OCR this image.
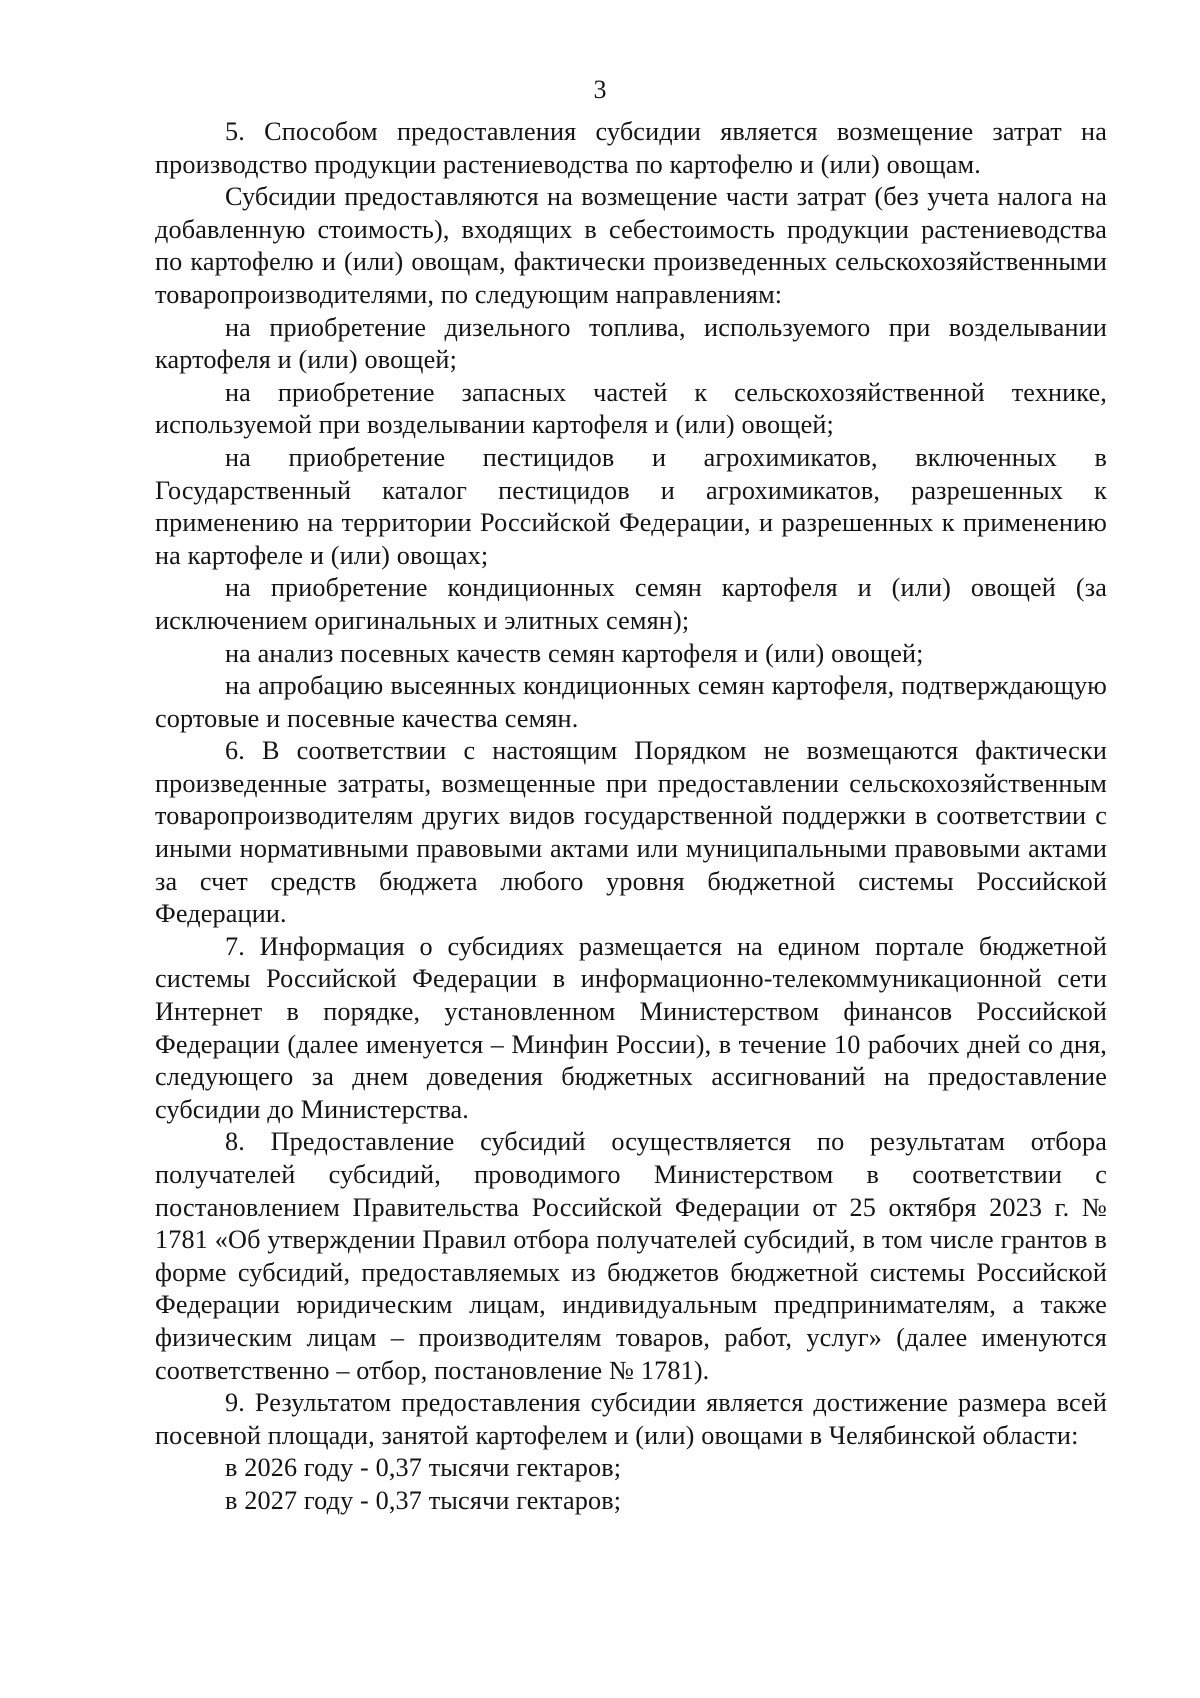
3

5. Способом предоставления субсидии является возмещение затрат на производство продукции растениеводства по картофелю и (или) овощам.

Субсидии предоставляются на возмещение части затрат (без учета налога на добавленную стоимость), входящих в себестоимость продукции растениеводства по картофелю и (или) овощам, фактически произведенных сельскохозяйственными товаропроизводителями, по следующим направлениям:

на приобретение дизельного топлива, используемого при возделывании картофеля и (или) овощей;

на приобретение запасных частей к сельскохозяйственной технике, используемой при возделывании картофеля и (или) овощей;

на приобретение пестицидов и агрохимикатов, включенных в Государственный каталог пестицидов и агрохимикатов, разрешенных к применению на территории Российской Федерации, и разрешенных к применению на картофеле и (или) овощах;

на приобретение кондиционных семян картофеля и (или) овощей (за исключением оригинальных и элитных семян);

на анализ посевных качеств семян картофеля и (или) овощей;

на апробацию высеянных кондиционных семян картофеля, подтверждающую сортовые и посевные качества семян.

6. В соответствии с настоящим Порядком не возмещаются фактически произведенные затраты, возмещенные при предоставлении сельскохозяйственным товаропроизводителям других видов государственной поддержки в соответствии с иными нормативными правовыми актами или муниципальными правовыми актами за счет средств бюджета любого уровня бюджетной системы Российской Федерации.

7. Информация о субсидиях размещается на едином портале бюджетной системы Российской Федерации в информационно-телекоммуникационной сети Интернет в порядке, установленном Министерством финансов Российской Федерации (далее именуется – Минфин России), в течение 10 рабочих дней со дня, следующего за днем доведения бюджетных ассигнований на предоставление субсидии до Министерства.

8. Предоставление субсидий осуществляется по результатам отбора получателей субсидий, проводимого Министерством в соответствии с постановлением Правительства Российской Федерации от 25 октября 2023 г. № 1781 «Об утверждении Правил отбора получателей субсидий, в том числе грантов в форме субсидий, предоставляемых из бюджетов бюджетной системы Российской Федерации юридическим лицам, индивидуальным предпринимателям, а также физическим лицам – производителям товаров, работ, услуг» (далее именуются соответственно – отбор, постановление № 1781).

9. Результатом предоставления субсидии является достижение размера всей посевной площади, занятой картофелем и (или) овощами в Челябинской области:

в 2026 году - 0,37 тысячи гектаров;

в 2027 году - 0,37 тысячи гектаров;
